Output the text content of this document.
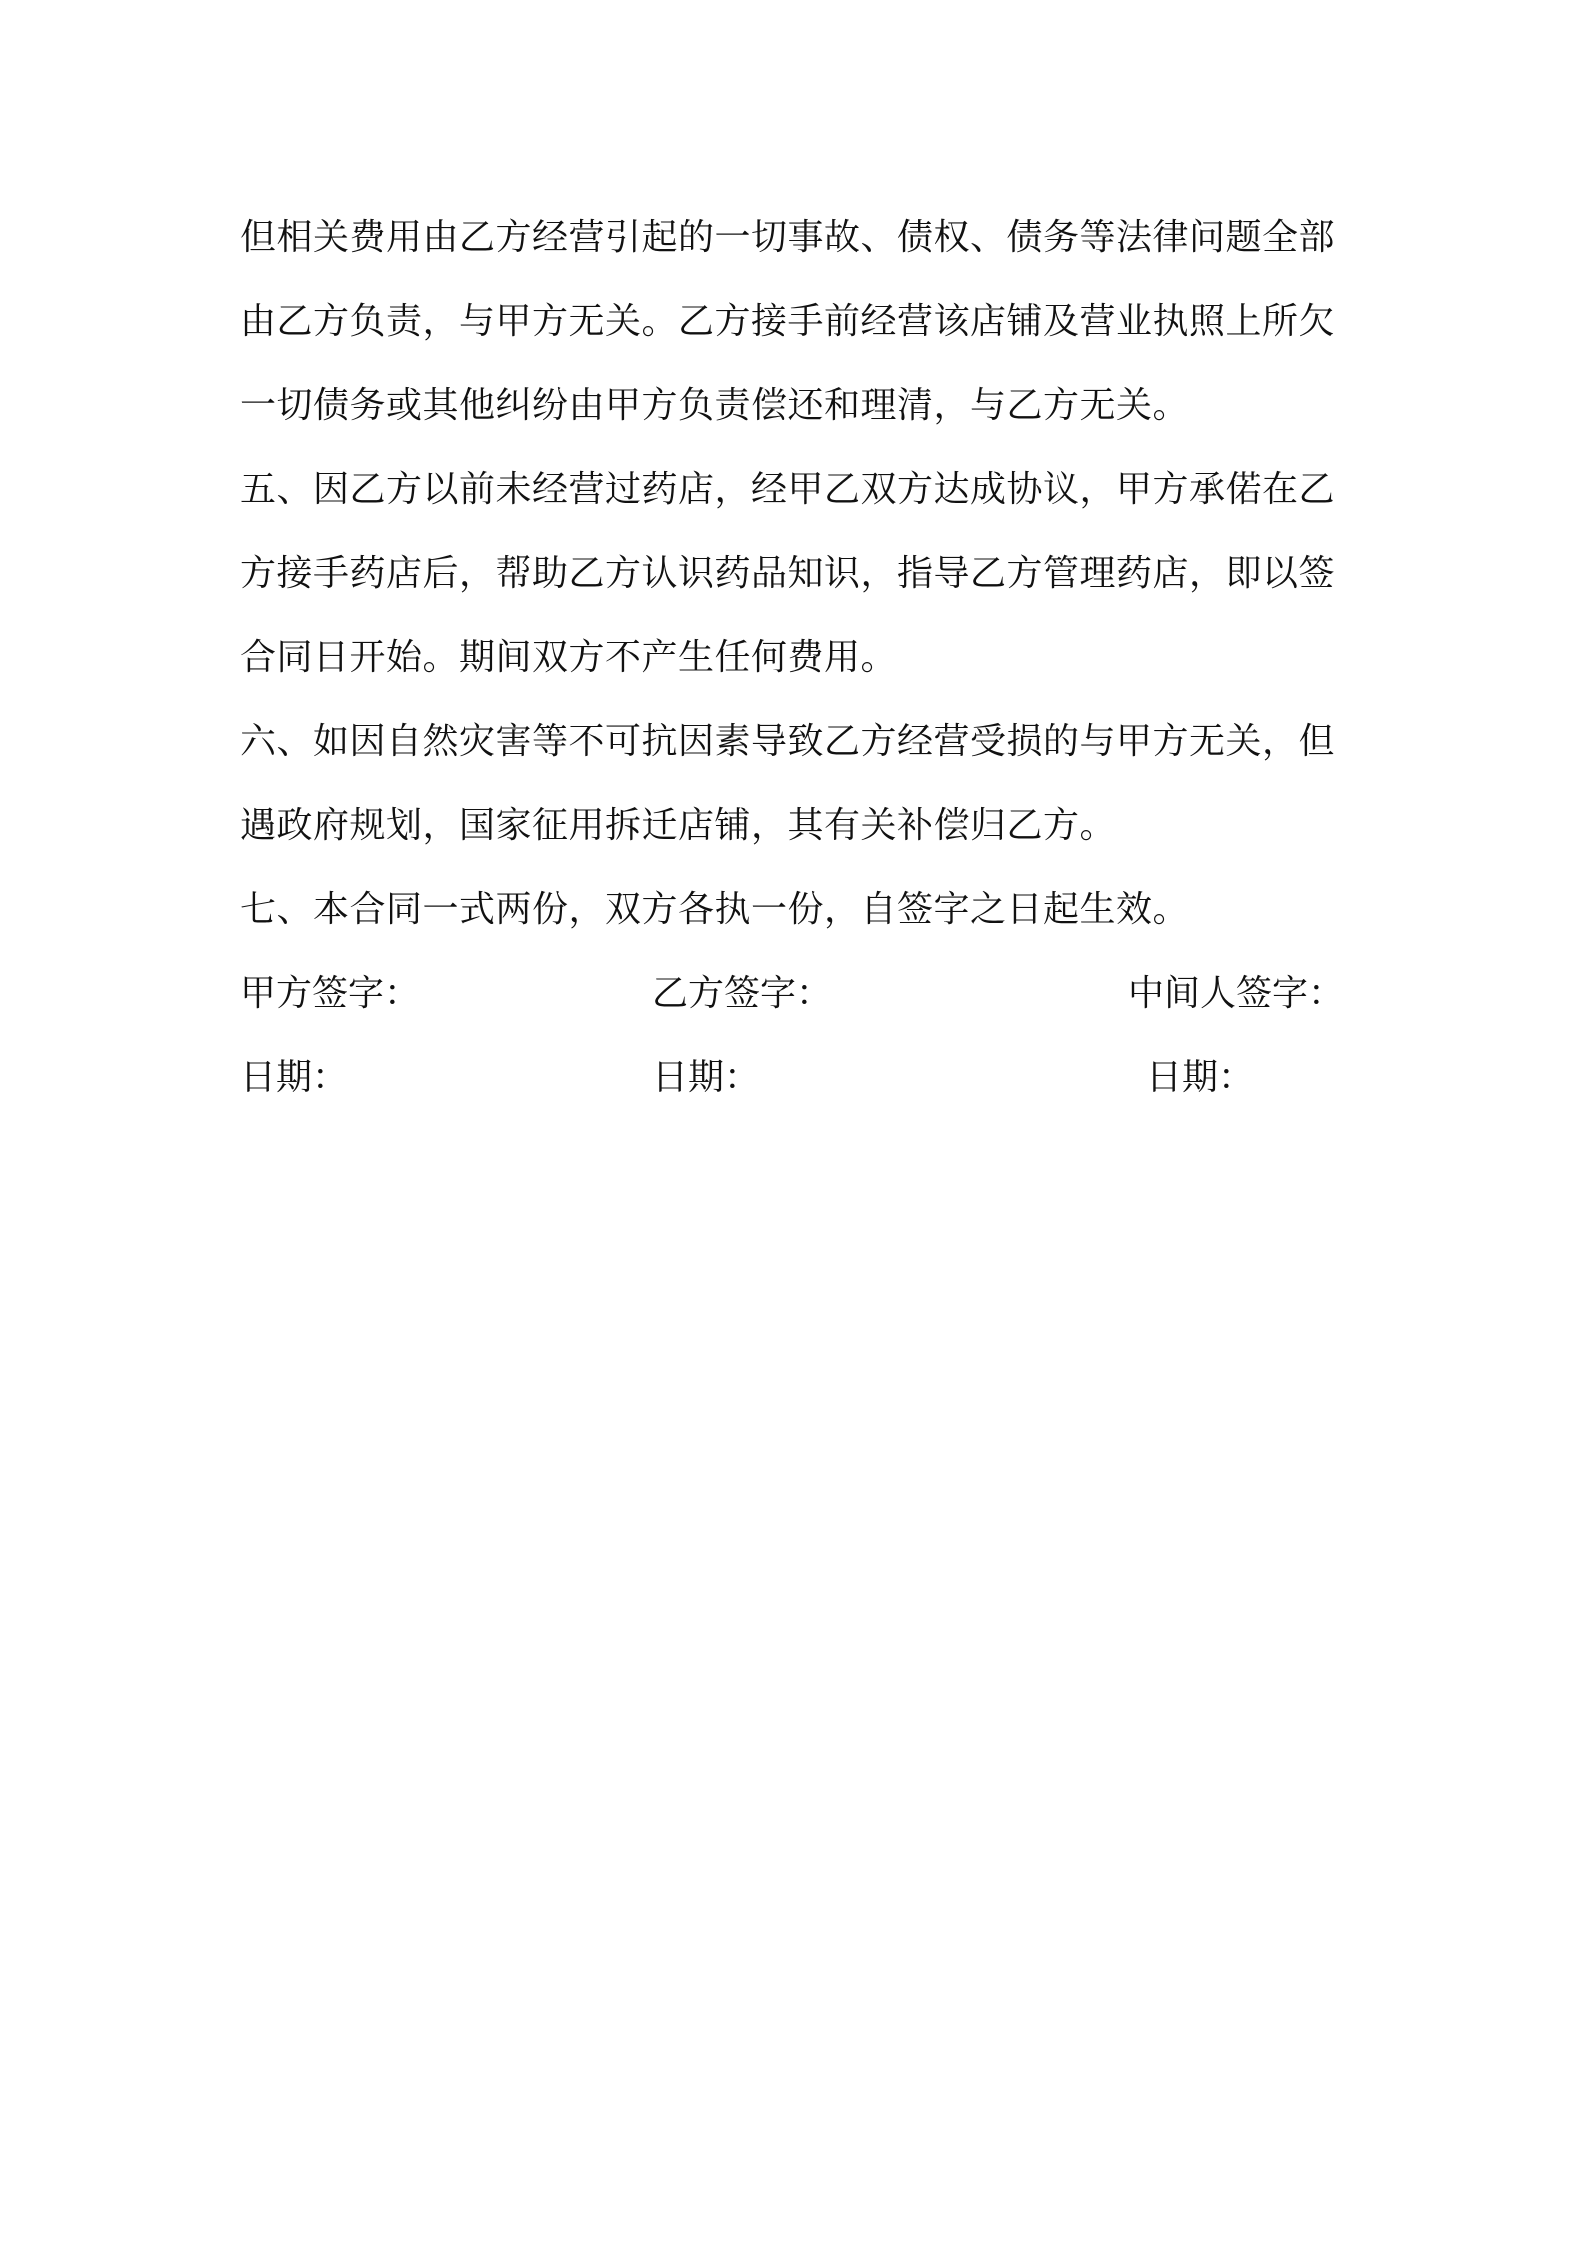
但相关费用由乙方经营引起的一切事故、债权、债务等法律问题全部
由乙方负责，与甲方无关。乙方接手前经营该店铺及营业执照上所欠
一切债务或其他纠纷由甲方负责偿还和理清，与乙方无关。
五、因乙方以前未经营过药店，经甲乙双方达成协议，甲方承偌在乙
方接手药店后，帮助乙方认识药品知识，指导乙方管理药店，即以签
合同日开始。期间双方不产生任何费用。
六、如因自然灾害等不可抗因素导致乙方经营受损的与甲方无关，但
遇政府规划，国家征用拆迁店铺，其有关补偿归乙方。
七、本合同一式两份，双方各执一份，自签字之日起生效。
甲方签字：	乙方签字：	中间人签字：
日期：	日期：	日期：
